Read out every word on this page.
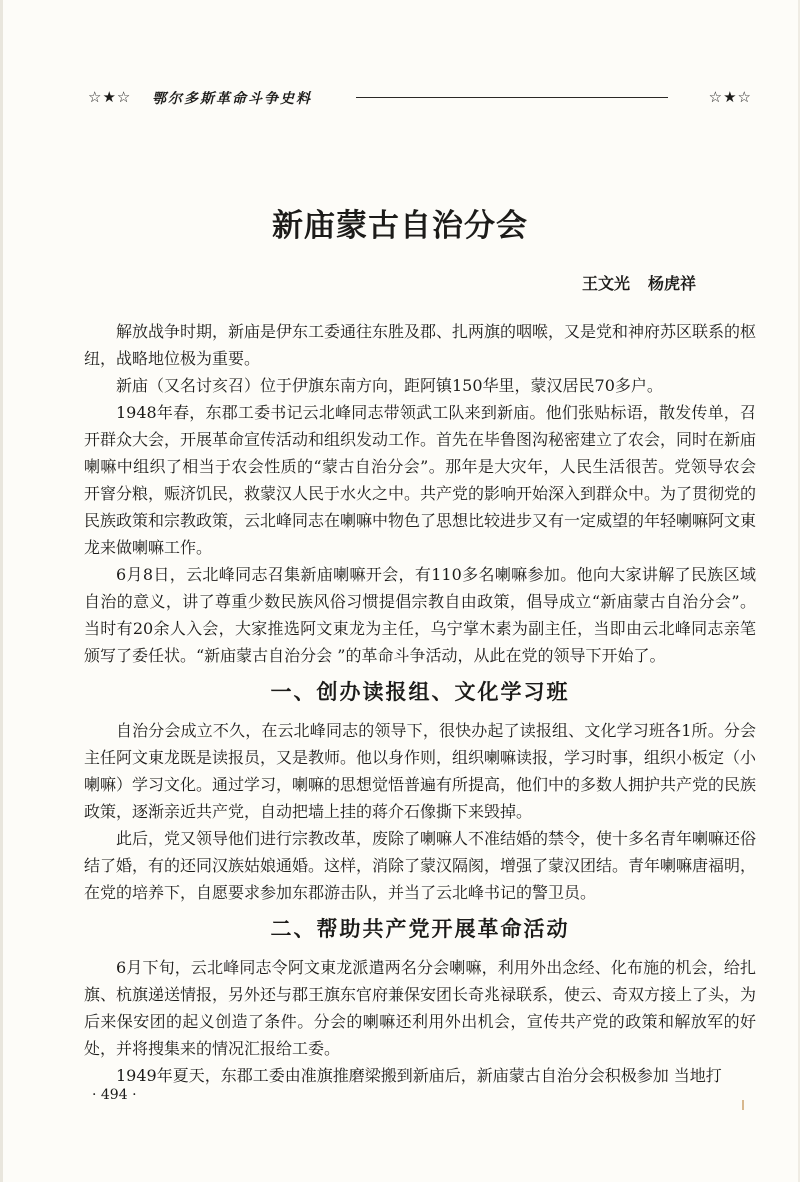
☆★☆ 鄂尔多斯革命斗争史料	☆★☆
新庙蒙古自治分会
王文光 杨虎祥

解放战争时期，新庙是伊东工委通往东胜及郡、扎两旗的咽喉，又是党和神府苏区联系的枢纽，战略地位极为重要。

新庙（又名讨亥召）位于伊旗东南方向，距阿镇150华里，蒙汉居民70多户。

1948年春，东郡工委书记云北峰同志带领武工队来到新庙。他们张贴标语，散发传单，召开群众大会，开展革命宣传活动和组织发动工作。首先在毕鲁图沟秘密建立了农会，同时在新庙喇嘛中组织了相当于农会性质的“蒙古自治分会”。那年是大灾年，人民生活很苦。党领导农会开窨分粮，赈济饥民，救蒙汉人民于水火之中。共产党的影响开始深入到群众中。为了贯彻党的民族政策和宗教政策，云北峰同志在喇嘛中物色了思想比较进步又有一定威望的年轻喇嘛阿文東龙来做喇嘛工作。

6月8日，云北峰同志召集新庙喇嘛开会，有110多名喇嘛参加。他向大家讲解了民族区域自治的意义，讲了尊重少数民族风俗习惯提倡宗教自由政策，倡导成立“新庙蒙古自治分会”。当时有20余人入会，大家推选阿文東龙为主任，乌宁掌木素为副主任，当即由云北峰同志亲笔颁写了委任状。“新庙蒙古自治分会 ”的革命斗争活动，从此在党的领导下开始了。

一、创办读报组、文化学习班

自治分会成立不久，在云北峰同志的领导下，很快办起了读报组、文化学习班各1所。分会主任阿文東龙既是读报员，又是教师。他以身作则，组织喇嘛读报，学习时事，组织小板定（小喇嘛）学习文化。通过学习，喇嘛的思想觉悟普遍有所提高，他们中的多数人拥护共产党的民族政策，逐渐亲近共产党，自动把墙上挂的蒋介石像撕下来毁掉。

此后，党又领导他们进行宗教改革，废除了喇嘛人不准结婚的禁令，使十多名青年喇嘛还俗结了婚，有的还同汉族姑娘通婚。这样，消除了蒙汉隔阂，增强了蒙汉团结。青年喇嘛唐福明，在党的培养下，自愿要求参加东郡游击队，并当了云北峰书记的警卫员。

二、帮助共产党开展革命活动

6月下旬，云北峰同志令阿文東龙派遣两名分会喇嘛，利用外出念经、化布施的机会，给扎旗、杭旗递送情报，另外还与郡王旗东官府兼保安团长奇兆禄联系，使云、奇双方接上了头，为后来保安团的起义创造了条件。分会的喇嘛还利用外出机会，宣传共产党的政策和解放军的好处，并将搜集来的情况汇报给工委。

1949年夏天，东郡工委由准旗推磨梁搬到新庙后，新庙蒙古自治分会积极参加 当地打

· 494 ·
